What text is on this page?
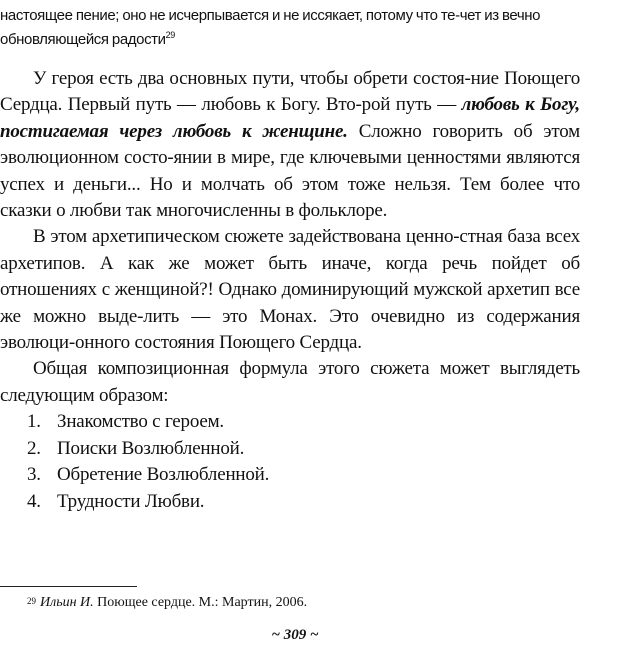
настоящее пение; оно не исчерпывается и не иссякает, потому что те-чет из вечно обновляющейся радости$^{29}$

У героя есть два основных пути, чтобы обрети состоя-ние Поющего Сердца. Первый путь — любовь к Богу. Вто-рой путь — любовь к Богу, постигаемая через любовь к женщине. Сложно говорить об этом эволюционном состо-янии в мире, где ключевыми ценностями являются успех и деньги... Но и молчать об этом тоже нельзя. Тем более что сказки о любви так многочисленны в фольклоре.

В этом архетипическом сюжете задействована ценно-стная база всех архетипов. А как же может быть иначе, когда речь пойдет об отношениях с женщиной?! Однако доминирующий мужской архетип все же можно выде-лить — это Монах. Это очевидно из содержания эволюци-онного состояния Поющего Сердца.

Общая композиционная формула этого сюжета может выглядеть следующим образом:

1. Знакомство с героем.
2. Поиски Возлюбленной.
3. Обретение Возлюбленной.
4. Трудности Любви.
$^{29}$ Ильин И. Поющее сердце. М.: Мартин, 2006.
~ 309 ~
